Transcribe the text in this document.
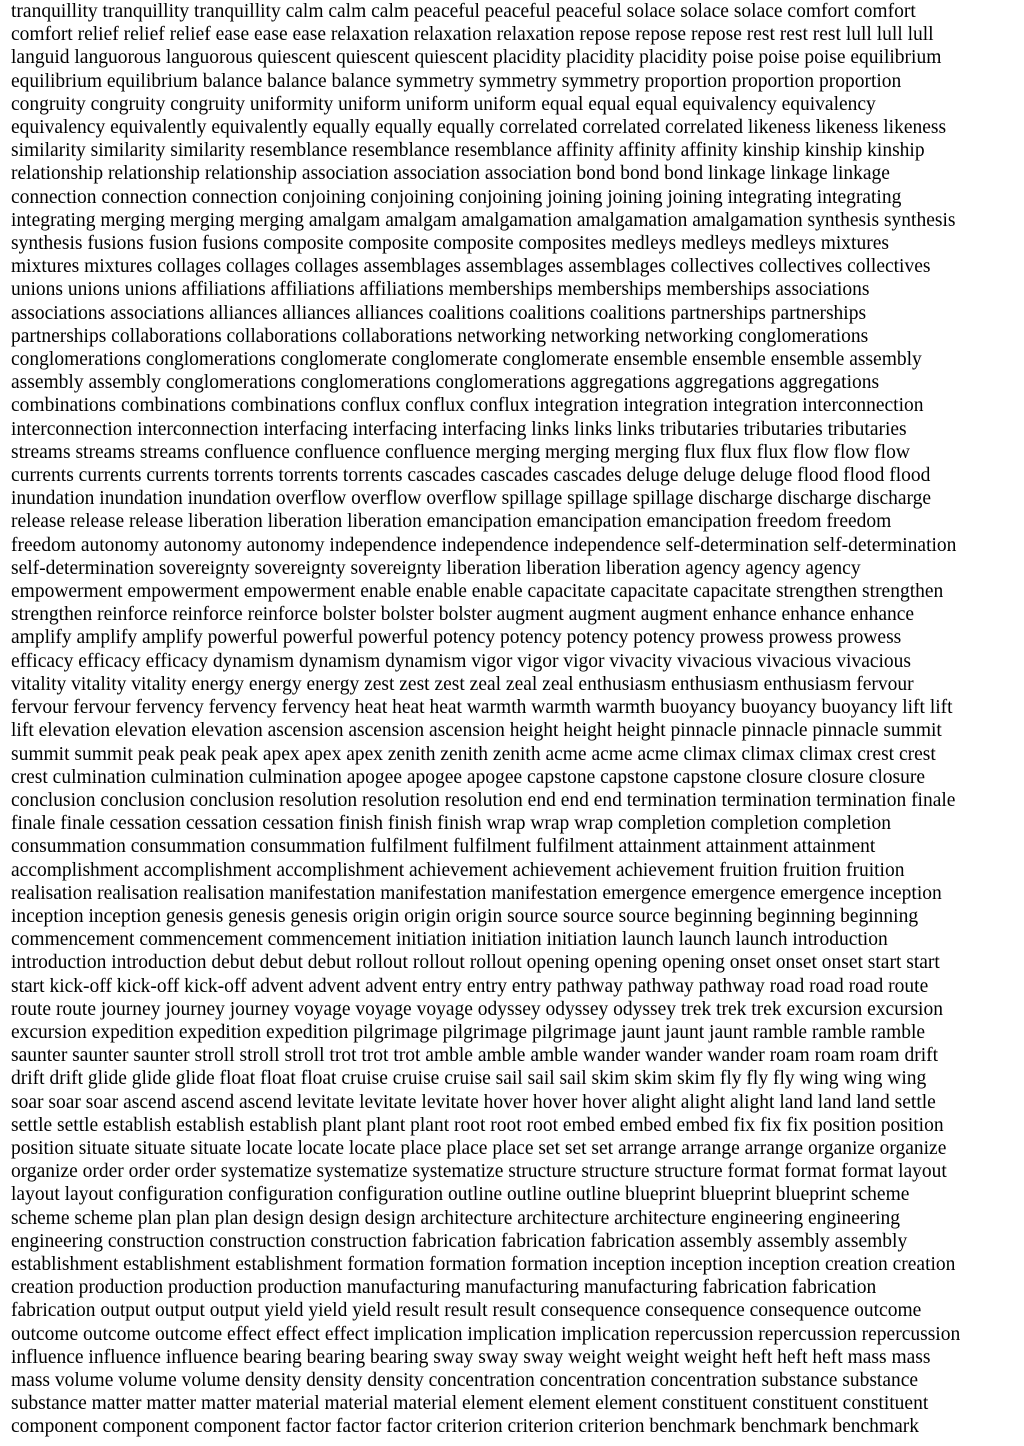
tranquillity tranquillity tranquillity calm calm calm peaceful peaceful peaceful solace solace solace comfort comfort
comfort relief relief relief ease ease ease relaxation relaxation relaxation repose repose repose rest rest rest lull lull lull
languid languorous languorous quiescent quiescent quiescent placidity placidity placidity poise poise poise equilibrium
equilibrium equilibrium balance balance balance symmetry symmetry symmetry proportion proportion proportion
congruity congruity congruity uniformity uniform uniform uniform equal equal equal equivalency equivalency
equivalency equivalently equivalently equally equally equally correlated correlated correlated likeness likeness likeness
similarity similarity similarity resemblance resemblance resemblance affinity affinity affinity kinship kinship kinship
relationship relationship relationship association association association bond bond bond linkage linkage linkage
connection connection connection conjoining conjoining conjoining joining joining joining integrating integrating
integrating merging merging merging amalgam amalgam amalgamation amalgamation amalgamation synthesis synthesis
synthesis fusions fusion fusions composite composite composite composites medleys medleys medleys mixtures
mixtures mixtures collages collages collages assemblages assemblages assemblages collectives collectives collectives
unions unions unions affiliations affiliations affiliations memberships memberships memberships associations
associations associations alliances alliances alliances coalitions coalitions coalitions partnerships partnerships
partnerships collaborations collaborations collaborations networking networking networking conglomerations
conglomerations conglomerations conglomerate conglomerate conglomerate ensemble ensemble ensemble assembly
assembly assembly conglomerations conglomerations conglomerations aggregations aggregations aggregations
combinations combinations combinations conflux conflux conflux integration integration integration interconnection
interconnection interconnection interfacing interfacing interfacing links links links tributaries tributaries tributaries
streams streams streams confluence confluence confluence merging merging merging flux flux flux flow flow flow
currents currents currents torrents torrents torrents cascades cascades cascades deluge deluge deluge flood flood flood
inundation inundation inundation overflow overflow overflow spillage spillage spillage discharge discharge discharge
release release release liberation liberation liberation emancipation emancipation emancipation freedom freedom
freedom autonomy autonomy autonomy independence independence independence self-determination self-determination
self-determination sovereignty sovereignty sovereignty liberation liberation liberation agency agency agency
empowerment empowerment empowerment enable enable enable capacitate capacitate capacitate strengthen strengthen
strengthen reinforce reinforce reinforce bolster bolster bolster augment augment augment enhance enhance enhance
amplify amplify amplify powerful powerful powerful potency potency potency potency prowess prowess prowess
efficacy efficacy efficacy dynamism dynamism dynamism vigor vigor vigor vivacity vivacious vivacious vivacious
vitality vitality vitality energy energy energy zest zest zest zeal zeal zeal enthusiasm enthusiasm enthusiasm fervour
fervour fervour fervency fervency fervency heat heat heat warmth warmth warmth buoyancy buoyancy buoyancy lift lift
lift elevation elevation elevation ascension ascension ascension height height height pinnacle pinnacle pinnacle summit
summit summit peak peak peak apex apex apex zenith zenith zenith acme acme acme climax climax climax crest crest
crest culmination culmination culmination apogee apogee apogee capstone capstone capstone closure closure closure
conclusion conclusion conclusion resolution resolution resolution end end end termination termination termination finale
finale finale cessation cessation cessation finish finish finish wrap wrap wrap completion completion completion
consummation consummation consummation fulfilment fulfilment fulfilment attainment attainment attainment
accomplishment accomplishment accomplishment achievement achievement achievement fruition fruition fruition
realisation realisation realisation manifestation manifestation manifestation emergence emergence emergence inception
inception inception genesis genesis genesis origin origin origin source source source beginning beginning beginning
commencement commencement commencement initiation initiation initiation launch launch launch introduction
introduction introduction debut debut debut rollout rollout rollout opening opening opening onset onset onset start start
start kick-off kick-off kick-off advent advent advent entry entry entry pathway pathway pathway road road road route
route route journey journey journey voyage voyage voyage odyssey odyssey odyssey trek trek trek excursion excursion
excursion expedition expedition expedition pilgrimage pilgrimage pilgrimage jaunt jaunt jaunt ramble ramble ramble
saunter saunter saunter stroll stroll stroll trot trot trot amble amble amble wander wander wander roam roam roam drift
drift drift glide glide glide float float float cruise cruise cruise sail sail sail skim skim skim fly fly fly wing wing wing
soar soar soar ascend ascend ascend levitate levitate levitate hover hover hover alight alight alight land land land settle
settle settle establish establish establish plant plant plant root root root embed embed embed fix fix fix position position
position situate situate situate locate locate locate place place place set set set arrange arrange arrange organize organize
organize order order order systematize systematize systematize structure structure structure format format format layout
layout layout configuration configuration configuration outline outline outline blueprint blueprint blueprint scheme
scheme scheme plan plan plan design design design architecture architecture architecture engineering engineering
engineering construction construction construction fabrication fabrication fabrication assembly assembly assembly
establishment establishment establishment formation formation formation inception inception inception creation creation
creation production production production manufacturing manufacturing manufacturing fabrication fabrication
fabrication output output output yield yield yield result result result consequence consequence consequence outcome
outcome outcome outcome effect effect effect implication implication implication repercussion repercussion repercussion
influence influence influence bearing bearing bearing sway sway sway weight weight weight heft heft heft mass mass
mass volume volume volume density density density concentration concentration concentration substance substance
substance matter matter matter material material material element element element constituent constituent constituent
component component component factor factor factor criterion criterion criterion benchmark benchmark benchmark
